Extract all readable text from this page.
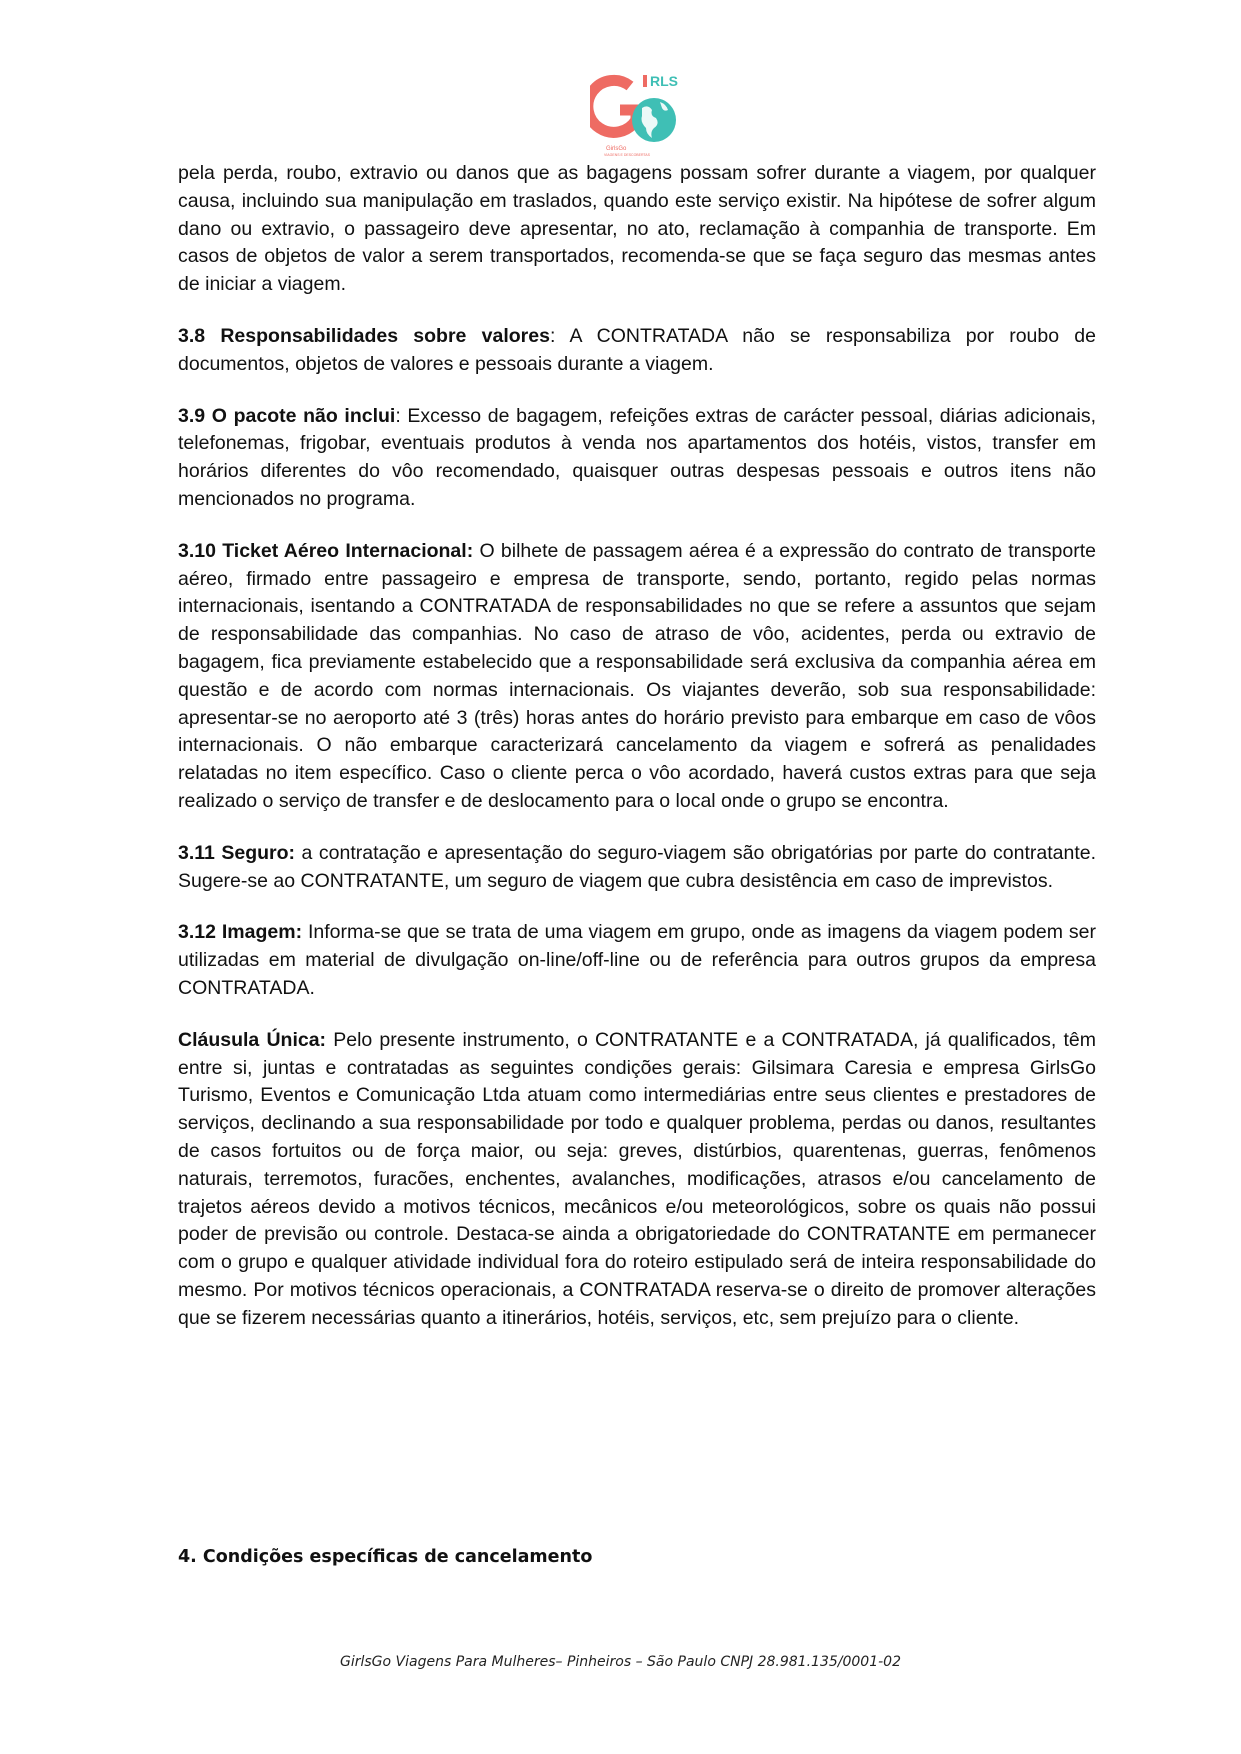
RLS
GirlsGo
VIAGENS E DESCOBERTAS

pela perda, roubo, extravio ou danos que as bagagens possam sofrer durante a viagem, por qualquer causa, incluindo sua manipulação em traslados, quando este serviço existir. Na hipótese de sofrer algum dano ou extravio, o passageiro deve apresentar, no ato, reclamação à companhia de transporte. Em casos de objetos de valor a serem transportados, recomenda-se que se faça seguro das mesmas antes de iniciar a viagem.

3.8 Responsabilidades sobre valores: A CONTRATADA não se responsabiliza por roubo de documentos, objetos de valores e pessoais durante a viagem.

3.9 O pacote não inclui: Excesso de bagagem, refeições extras de carácter pessoal, diárias adicionais, telefonemas, frigobar, eventuais produtos à venda nos apartamentos dos hotéis, vistos, transfer em horários diferentes do vôo recomendado, quaisquer outras despesas pessoais e outros itens não mencionados no programa.

3.10 Ticket Aéreo Internacional: O bilhete de passagem aérea é a expressão do contrato de transporte aéreo, firmado entre passageiro e empresa de transporte, sendo, portanto, regido pelas normas internacionais, isentando a CONTRATADA de responsabilidades no que se refere a assuntos que sejam de responsabilidade das companhias. No caso de atraso de vôo, acidentes, perda ou extravio de bagagem, fica previamente estabelecido que a responsabilidade será exclusiva da companhia aérea em questão e de acordo com normas internacionais. Os viajantes deverão, sob sua responsabilidade: apresentar-se no aeroporto até 3 (três) horas antes do horário previsto para embarque em caso de vôos internacionais. O não embarque caracterizará cancelamento da viagem e sofrerá as penalidades relatadas no item específico. Caso o cliente perca o vôo acordado, haverá custos extras para que seja realizado o serviço de transfer e de deslocamento para o local onde o grupo se encontra.

3.11 Seguro: a contratação e apresentação do seguro-viagem são obrigatórias por parte do contratante. Sugere-se ao CONTRATANTE, um seguro de viagem que cubra desistência em caso de imprevistos.

3.12 Imagem: Informa-se que se trata de uma viagem em grupo, onde as imagens da viagem podem ser utilizadas em material de divulgação on-line/off-line ou de referência para outros grupos da empresa CONTRATADA.

Cláusula Única: Pelo presente instrumento, o CONTRATANTE e a CONTRATADA, já qualificados, têm entre si, juntas e contratadas as seguintes condições gerais: Gilsimara Caresia e empresa GirlsGo Turismo, Eventos e Comunicação Ltda atuam como intermediárias entre seus clientes e prestadores de serviços, declinando a sua responsabilidade por todo e qualquer problema, perdas ou danos, resultantes de casos fortuitos ou de força maior, ou seja: greves, distúrbios, quarentenas, guerras, fenômenos naturais, terremotos, furacões, enchentes, avalanches, modificações, atrasos e/ou cancelamento de trajetos aéreos devido a motivos técnicos, mecânicos e/ou meteorológicos, sobre os quais não possui poder de previsão ou controle. Destaca-se ainda a obrigatoriedade do CONTRATANTE em permanecer com o grupo e qualquer atividade individual fora do roteiro estipulado será de inteira responsabilidade do mesmo. Por motivos técnicos operacionais, a CONTRATADA reserva-se o direito de promover alterações que se fizerem necessárias quanto a itinerários, hotéis, serviços, etc, sem prejuízo para o cliente.

4. Condições específicas de cancelamento
GirlsGo Viagens Para Mulheres– Pinheiros – São Paulo CNPJ 28.981.135/0001-02
